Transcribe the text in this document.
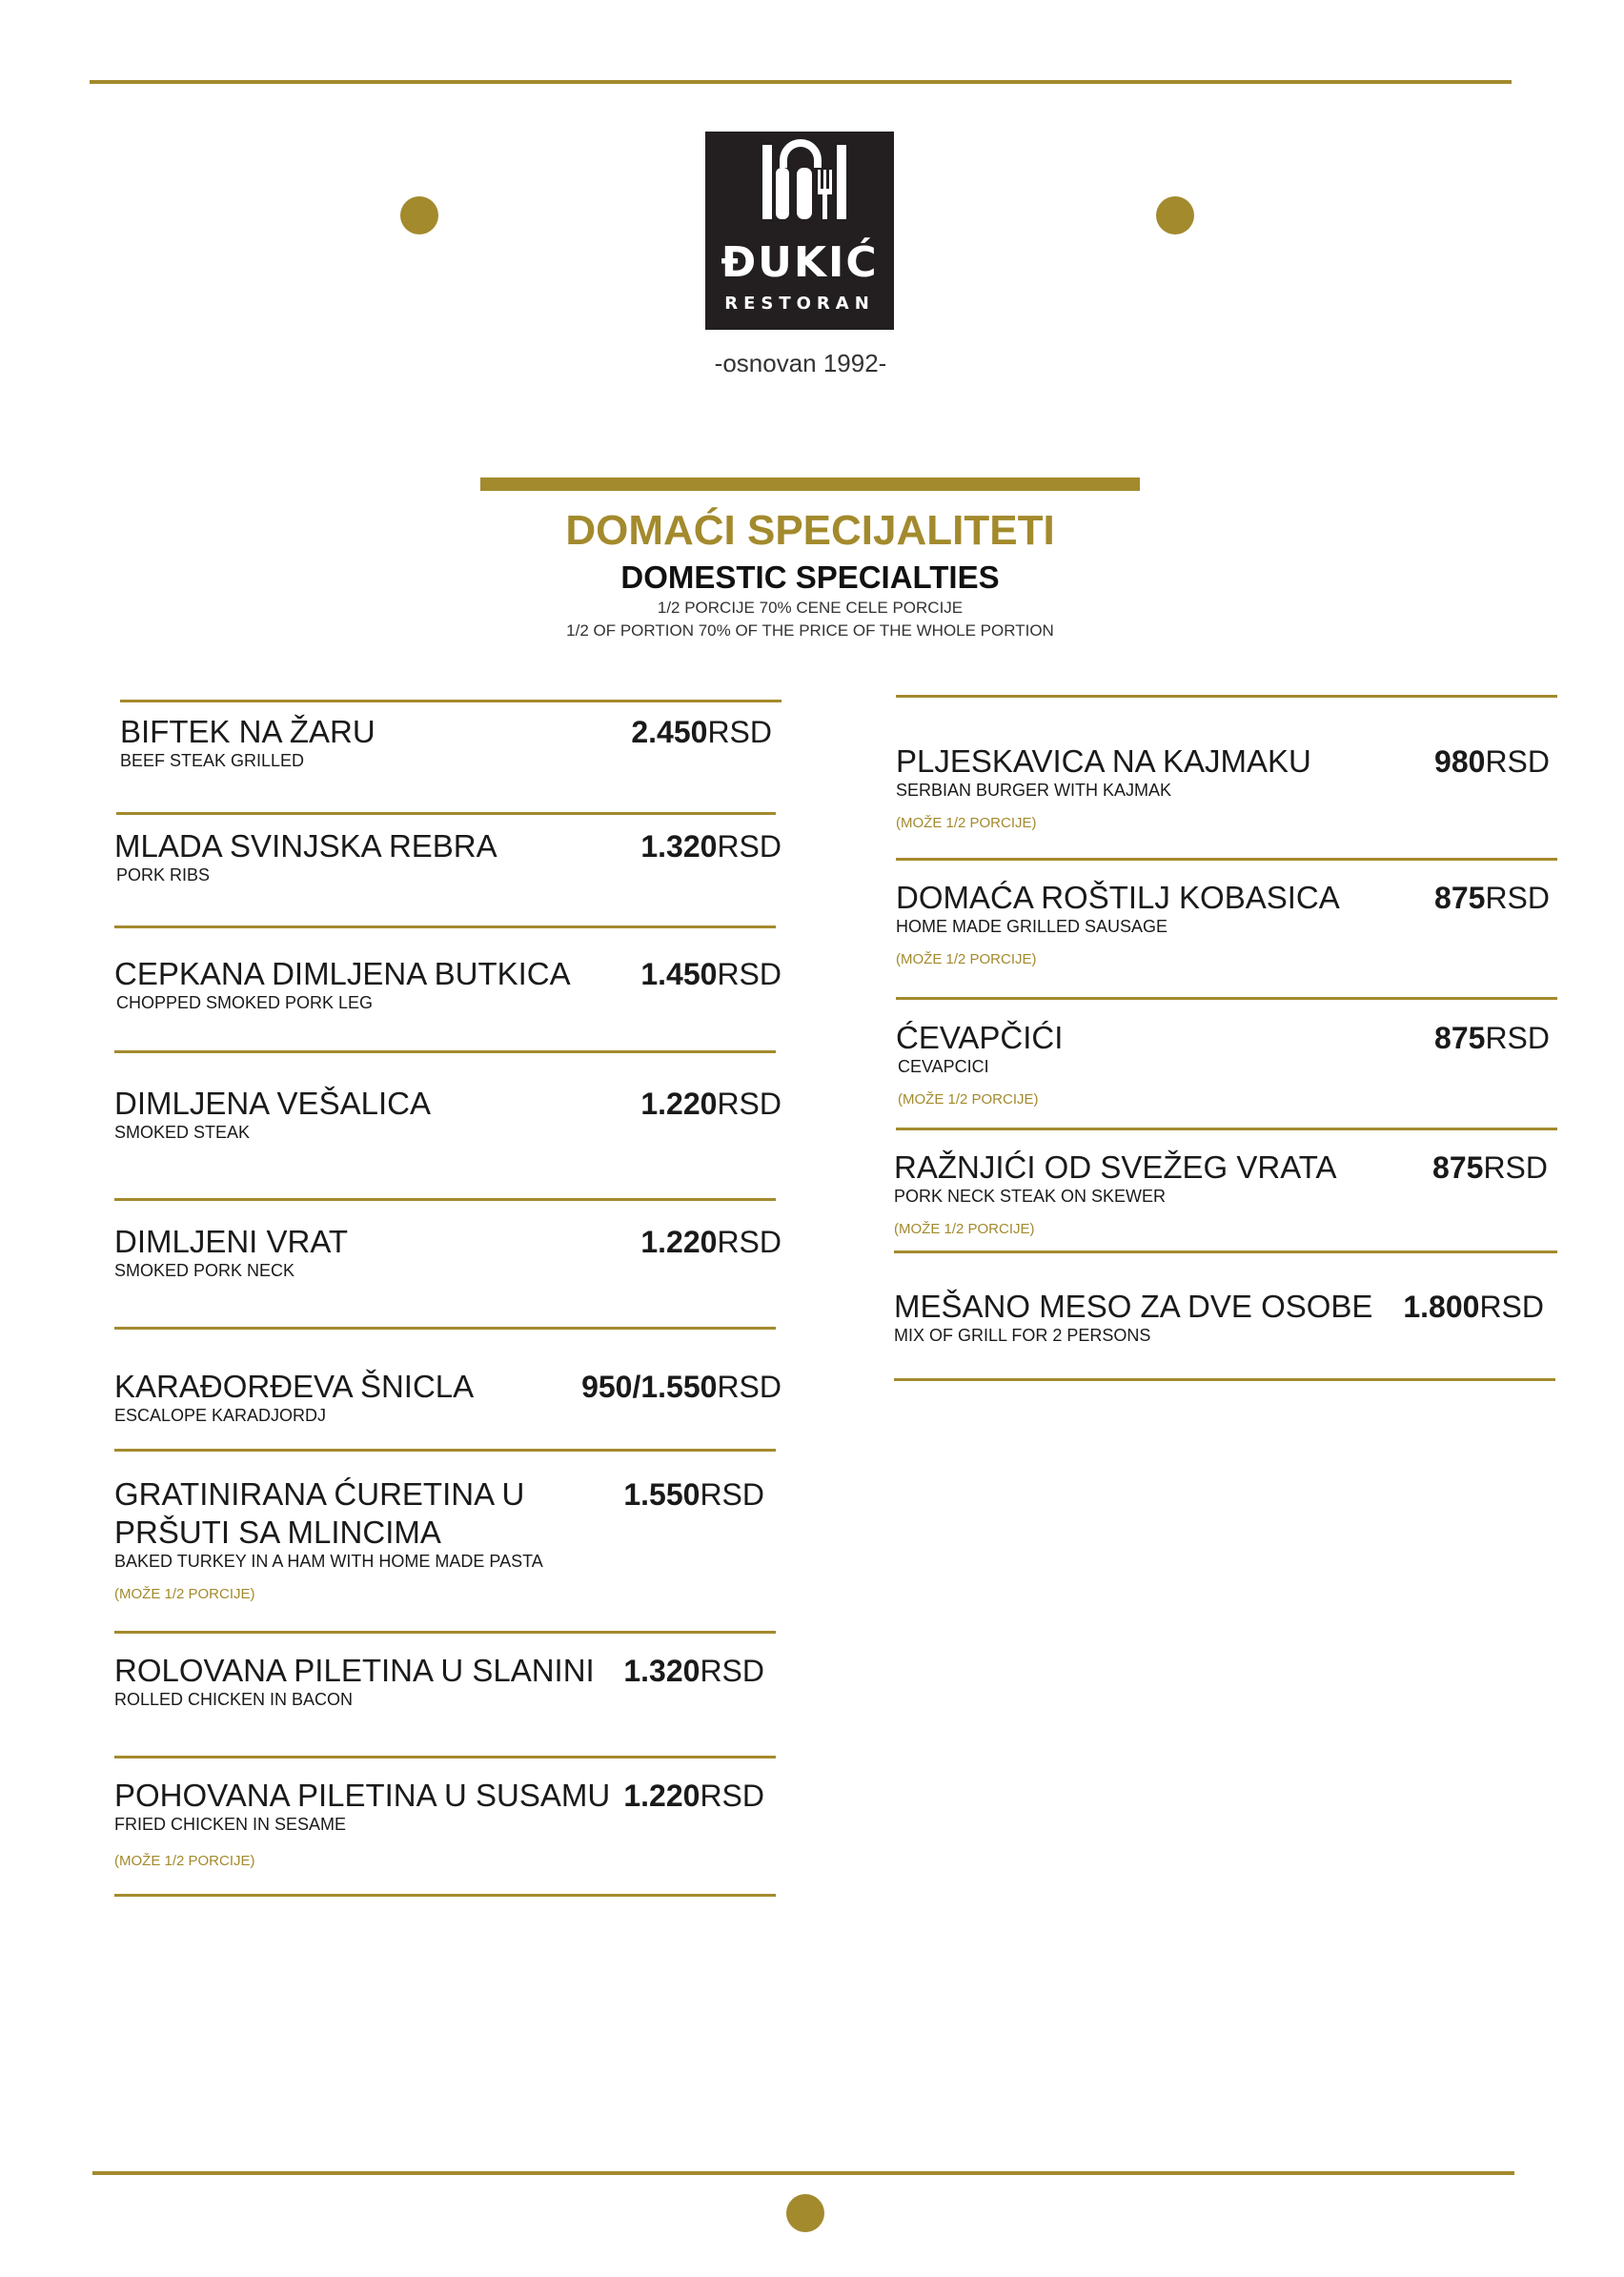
ĐUKIĆ
RESTORAN
-osnovan 1992-
DOMAĆI SPECIJALITETI
DOMESTIC SPECIALTIES
1/2 PORCIJE 70% CENE CELE PORCIJE
1/2 OF PORTION 70% OF THE PRICE OF THE WHOLE PORTION
BIFTEK NA ŽARU
BEEF STEAK GRILLED
2.450RSD
MLADA SVINJSKA REBRA
PORK RIBS
1.320RSD
CEPKANA DIMLJENA BUTKICA
CHOPPED SMOKED PORK LEG
1.450RSD
DIMLJENA VEŠALICA
SMOKED STEAK
1.220RSD
DIMLJENI VRAT
SMOKED PORK NECK
1.220RSD
KARAĐORĐEVA ŠNICLA
ESCALOPE KARADJORDJ
950/1.550RSD
GRATINIRANA ĆURETINA U PRŠUTI SA MLINCIMA
BAKED TURKEY IN A HAM WITH HOME MADE PASTA
(MOŽE 1/2 PORCIJE)
1.550RSD
ROLOVANA PILETINA U SLANINI
ROLLED CHICKEN IN BACON
1.320RSD
POHOVANA PILETINA U SUSAMU
FRIED CHICKEN IN SESAME
(MOŽE 1/2 PORCIJE)
1.220RSD
PLJESKAVICA NA KAJMAKU
SERBIAN BURGER WITH KAJMAK
(MOŽE 1/2 PORCIJE)
980RSD
DOMAĆA ROŠTILJ KOBASICA
HOME MADE GRILLED SAUSAGE
(MOŽE 1/2 PORCIJE)
875RSD
ĆEVAPČIĆI
CEVAPCICI
(MOŽE 1/2 PORCIJE)
875RSD
RAŽNJIĆI OD SVEŽEG VRATA
PORK NECK STEAK ON SKEWER
(MOŽE 1/2 PORCIJE)
875RSD
MEŠANO MESO ZA DVE OSOBE
MIX OF GRILL FOR 2 PERSONS
1.800RSD
